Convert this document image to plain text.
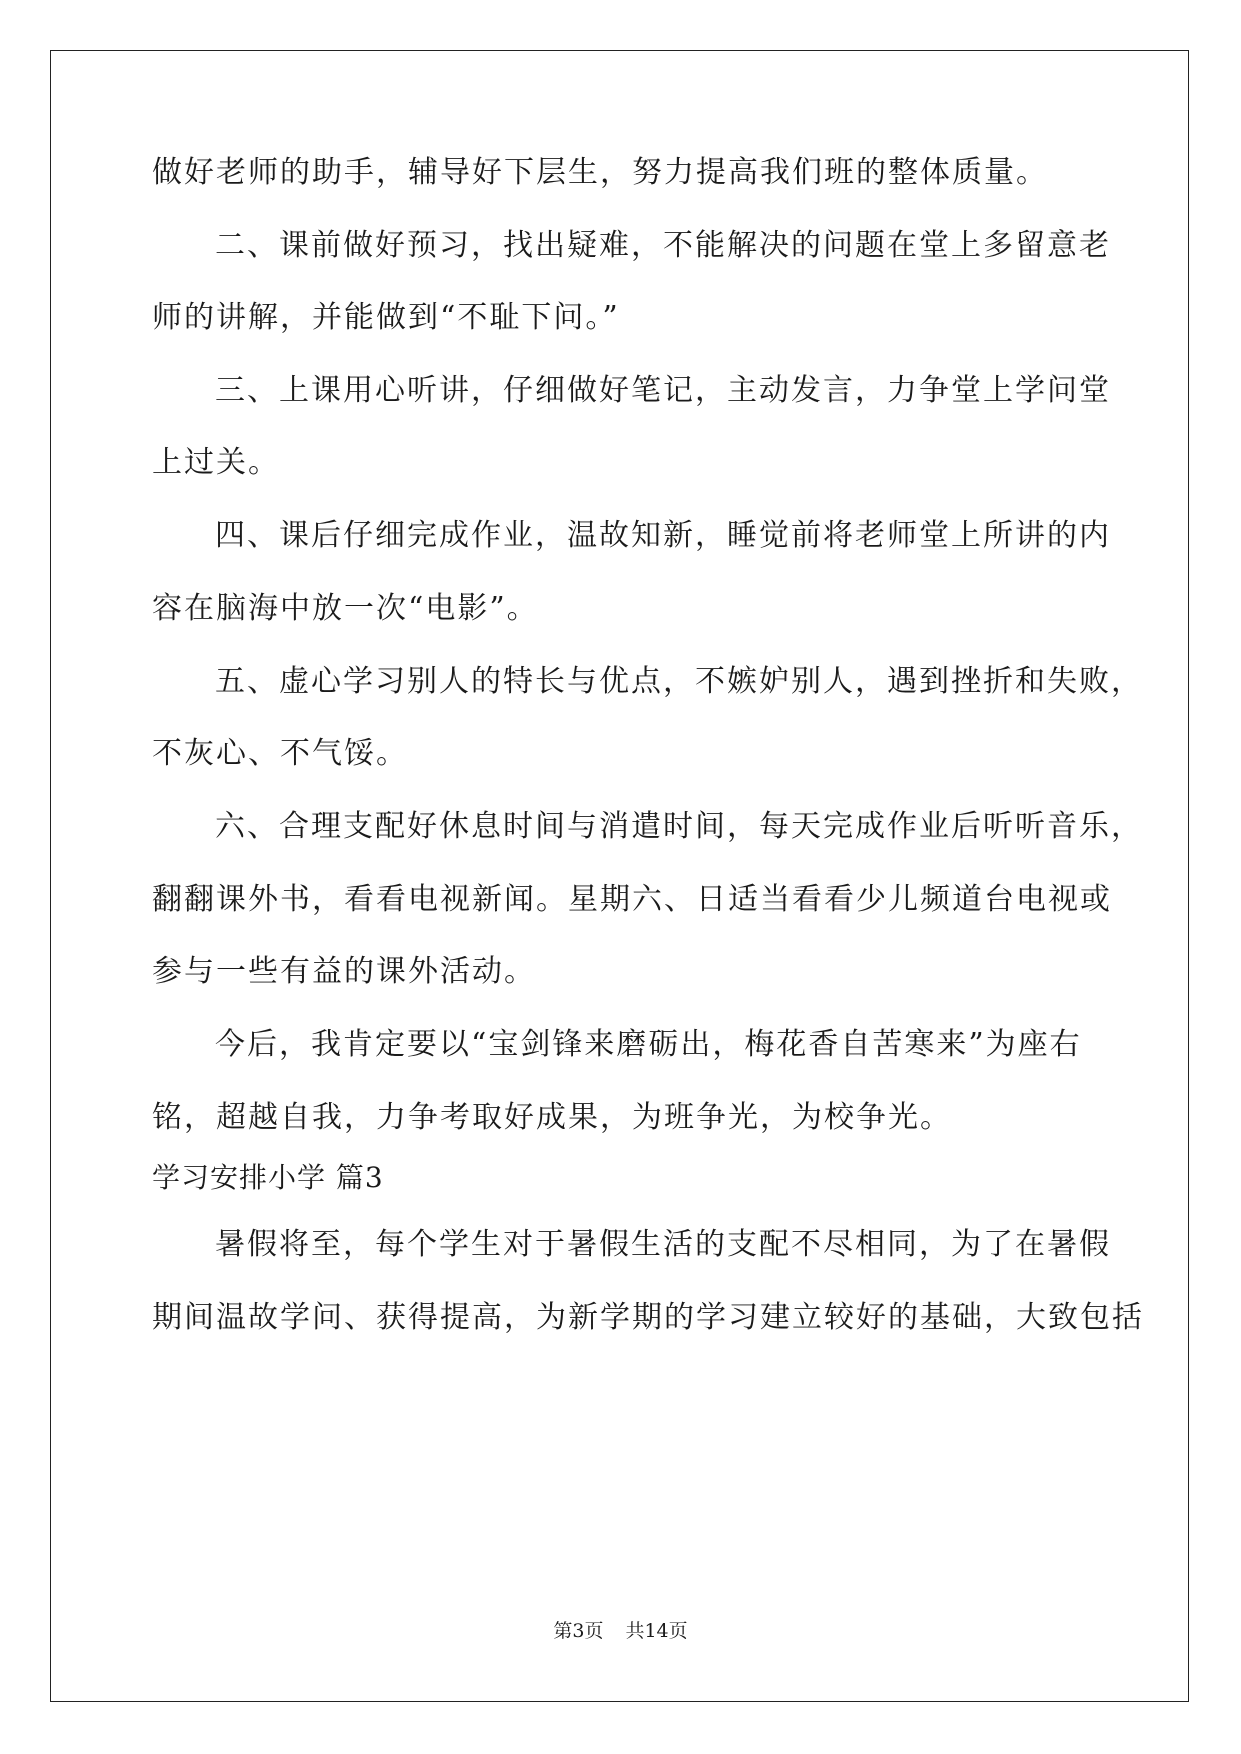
做好老师的助手，辅导好下层生，努力提高我们班的整体质量。
二、课前做好预习，找出疑难，不能解决的问题在堂上多留意老
师的讲解，并能做到“不耻下问。”
三、上课用心听讲，仔细做好笔记，主动发言，力争堂上学问堂
上过关。
四、课后仔细完成作业，温故知新，睡觉前将老师堂上所讲的内
容在脑海中放一次“电影”。
五、虚心学习别人的特长与优点，不嫉妒别人，遇到挫折和失败，
不灰心、不气馁。
六、合理支配好休息时间与消遣时间，每天完成作业后听听音乐，
翻翻课外书，看看电视新闻。星期六、日适当看看少儿频道台电视或
参与一些有益的课外活动。
今后，我肯定要以“宝剑锋来磨砺出，梅花香自苦寒来”为座右
铭，超越自我，力争考取好成果，为班争光，为校争光。
学习安排小学 篇3
暑假将至，每个学生对于暑假生活的支配不尽相同，为了在暑假
期间温故学问、获得提高，为新学期的学习建立较好的基础，大致包括
第3页 共14页
